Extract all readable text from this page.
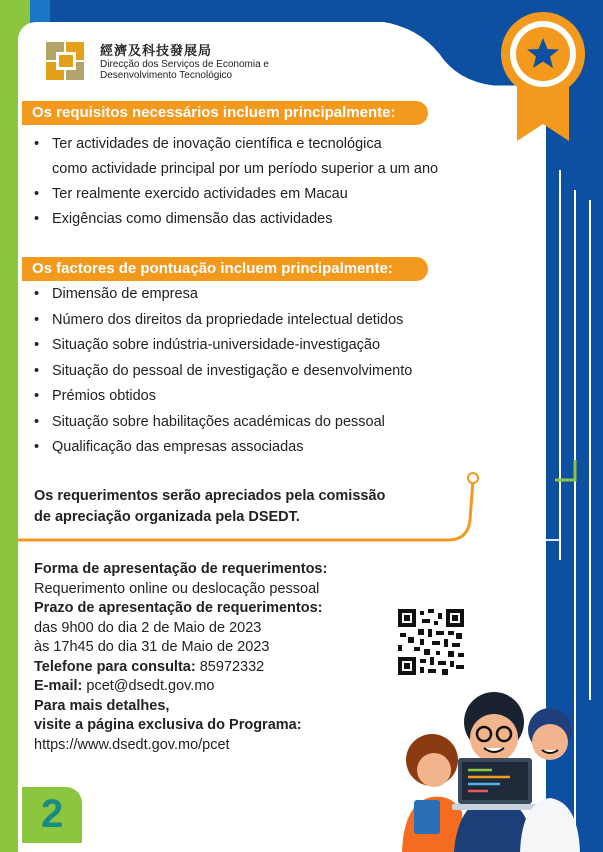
經濟及科技發展局
Direcção dos Serviços de Economia e
Desenvolvimento Tecnológico
Os requisitos necessários incluem principalmente:
• Ter actividades de inovação científica e tecnológica
como actividade principal por um período superior a um ano
• Ter realmente exercido actividades em Macau
• Exigências como dimensão das actividades
Os factores de pontuação incluem principalmente:
• Dimensão de empresa
• Número dos direitos da propriedade intelectual detidos
• Situação sobre indústria-universidade-investigação
• Situação do pessoal de investigação e desenvolvimento
• Prémios obtidos
• Situação sobre habilitações académicas do pessoal
• Qualificação das empresas associadas
Os requerimentos serão apreciados pela comissão
de apreciação organizada pela DSEDT.
Forma de apresentação de requerimentos:
Requerimento online ou deslocação pessoal
Prazo de apresentação de requerimentos:
das 9h00 do dia 2 de Maio de 2023
às 17h45 do dia 31 de Maio de 2023
Telefone para consulta: 85972332
E-mail: pcet@dsedt.gov.mo
Para mais detalhes,
visite a página exclusiva do Programa:
https://www.dsedt.gov.mo/pcet
2
